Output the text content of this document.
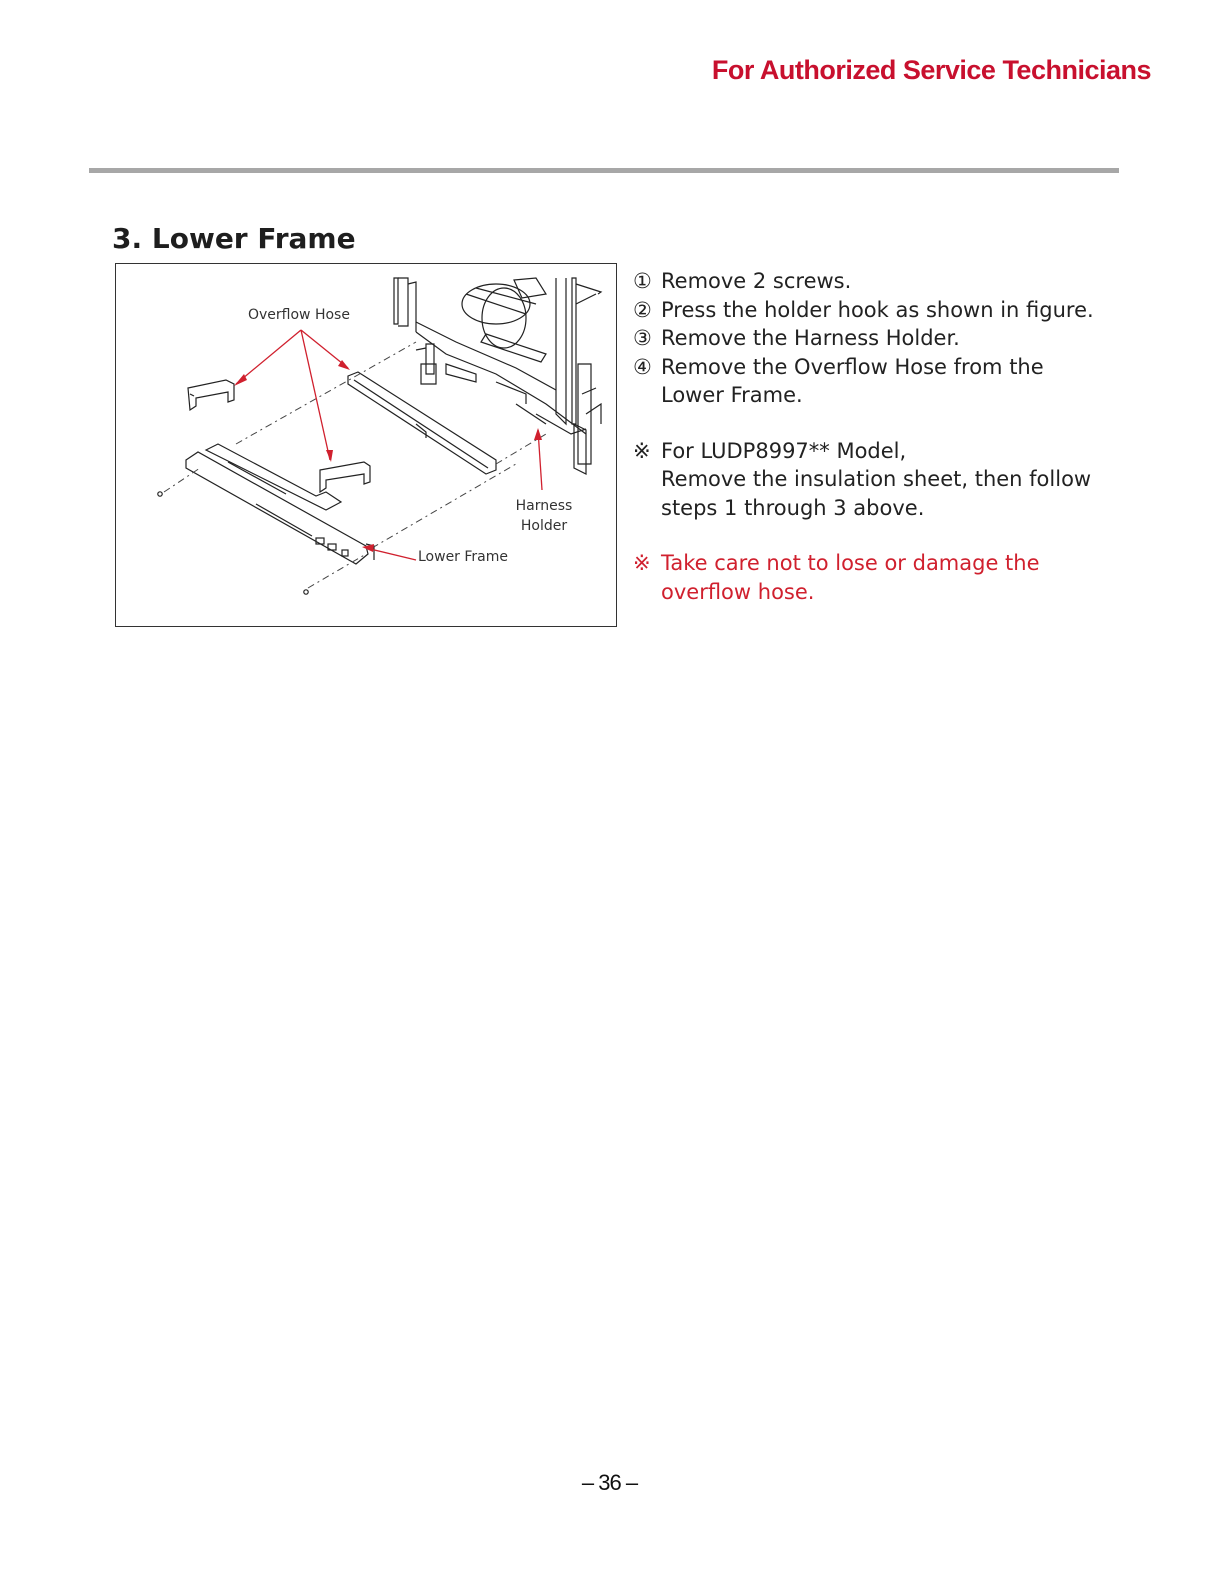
For Authorized Service Technicians
3. Lower Frame
Overflow Hose
Harness
Holder
Lower Frame
① Remove 2 screws.
② Press the holder hook as shown in figure.
③ Remove the Harness Holder.
④ Remove the Overflow Hose from the Lower Frame.
※ For LUDP8997** Model,
Remove the insulation sheet, then follow steps 1 through 3 above.
※ Take care not to lose or damage the overflow hose.
– 36 –
